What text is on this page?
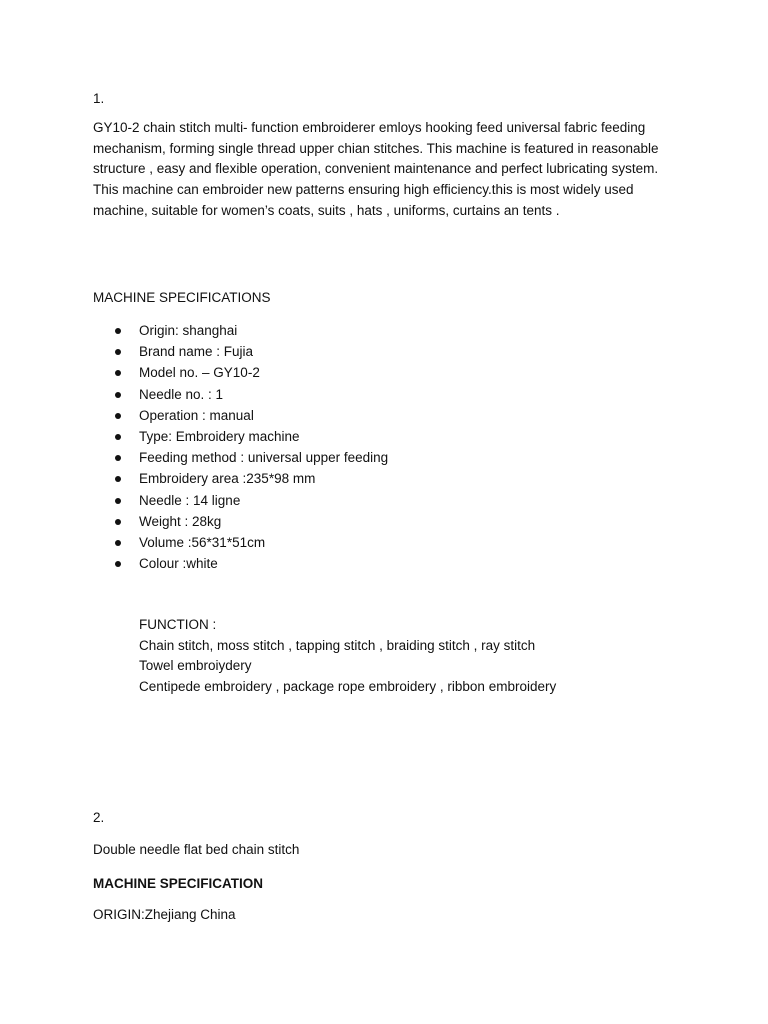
1.

GY10-2 chain stitch multi- function embroiderer emloys hooking feed universal fabric feeding mechanism, forming single thread upper chian stitches. This machine is featured in reasonable structure , easy and flexible operation, convenient maintenance and perfect lubricating system. This machine can embroider new patterns ensuring high efficiency.this is most widely used machine, suitable for women’s coats, suits , hats , uniforms, curtains an tents .

MACHINE SPECIFICATIONS

Origin: shanghai
Brand name : Fujia
Model no. – GY10-2
Needle no. : 1
Operation : manual
Type: Embroidery machine
Feeding method : universal upper feeding
Embroidery area :235*98 mm
Needle : 14 ligne
Weight : 28kg
Volume :56*31*51cm
Colour :white
FUNCTION :
Chain stitch, moss stitch , tapping stitch , braiding stitch , ray stitch
Towel embroiydery
Centipede embroidery , package rope embroidery , ribbon embroidery

2.

Double needle flat bed chain stitch

MACHINE SPECIFICATION

ORIGIN:Zhejiang China
